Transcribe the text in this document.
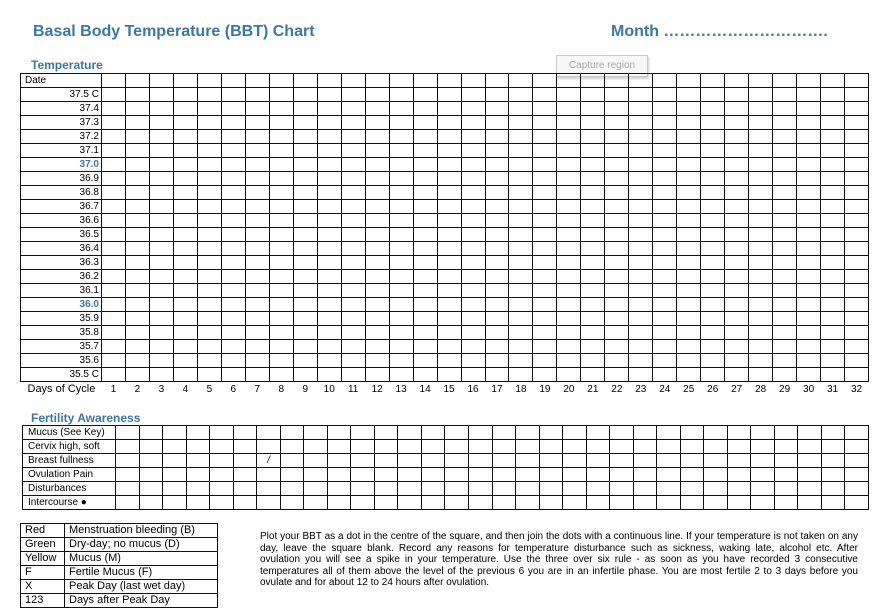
Basal Body Temperature (BBT) Chart	Month ………………………….
Temperature	Capture region
Date																																
37.5 C																																
37.4																																
37.3																																
37.2																																
37.1																																
37.0																																
36.9																																
36.8																																
36.7																																
36.6																																
36.5																																
36.4																																
36.3																																
36.2																																
36.1																																
36.0																																
35.9																																
35.8																																
35.7																																
35.6																																
35.5 C																																
Days of Cycle	1	2	3	4	5	6	7	8	9	10	11	12	13	14	15	16	17	18	19	20	21	22	23	24	25	26	27	28	29	30	31	32
Fertility Awareness
Mucus (See Key)																																
Cervix high, soft																																
Breast fullness							/																									
Ovulation Pain																																
Disturbances																																
Intercourse ●																																
Red	Menstruation bleeding (B)
Green	Dry-day; no mucus (D)
Yellow	Mucus (M)
F	Fertile Mucus (F)
X	Peak Day (last wet day)
123	Days after Peak Day
Plot your BBT as a dot in the centre of the square, and then join the dots with a continuous line. If your temperature is not taken on any day, leave the square blank. Record any reasons for temperature disturbance such as sickness, waking late, alcohol etc. After ovulation you will see a spike in your temperature. Use the three over six rule - as soon as you have recorded 3 consecutive temperatures all of them above the level of the previous 6 you are in an infertile phase. You are most fertile 2 to 3 days before you ovulate and for about 12 to 24 hours after ovulation.
